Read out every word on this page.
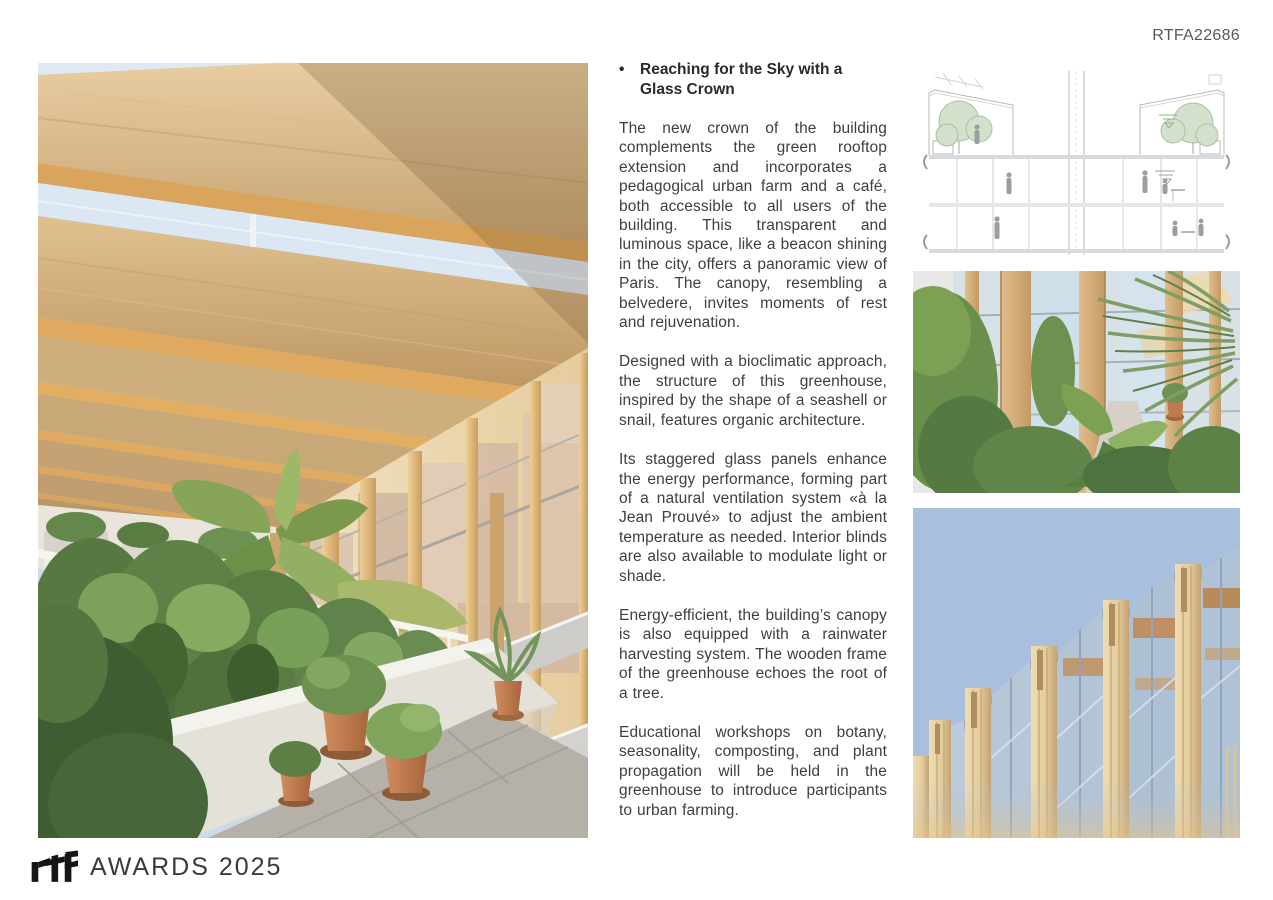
RTFA22686
•	Reaching for the Sky with a Glass Crown

The new crown of the building complements the green rooftop extension and incorporates a pedagogical urban farm and a café, both accessible to all users of the building. This transparent and luminous space, like a beacon shining in the city, offers a panoramic view of Paris. The canopy, resembling a belvedere, invites moments of rest and rejuvenation.

Designed with a bioclimatic approach, the structure of this greenhouse, inspired by the shape of a seashell or snail, features organic architecture.

Its staggered glass panels enhance the energy performance, forming part of a natural ventilation system «à la Jean Prouvé» to adjust the ambient temperature as needed. Interior blinds are also available to modulate light or shade.

Energy-efficient, the building’s canopy is also equipped with a rainwater harvesting system. The wooden frame of the greenhouse echoes the root of a tree.

Educational workshops on botany, seasonality, composting, and plant propagation will be held in the greenhouse to introduce participants to urban farming.

AWARDS 2025
